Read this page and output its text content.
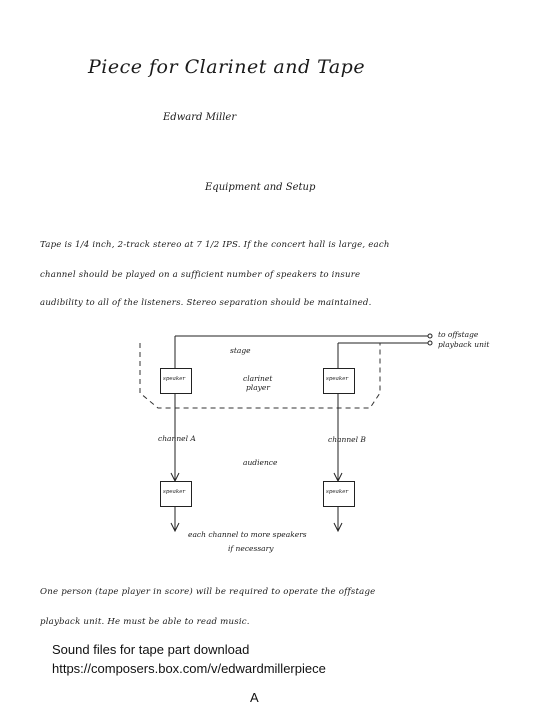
Piece for Clarinet and Tape
Edward Miller
Equipment and Setup
Tape is 1/4 inch, 2-track stereo at 7 1/2 IPS. If the concert hall is large, each
channel should be played on a sufficient number of speakers to insure
audibility to all of the listeners. Stereo separation should be maintained.
speaker	speaker
speaker	speaker
to offstage
playback unit
stage
clarinet
player
channel A	channel B
audience
each channel to more speakers
if necessary
One person (tape player in score) will be required to operate the offstage
playback unit. He must be able to read music.
Sound files for tape part download
https://composers.box.com/v/edwardmillerpiece
A
